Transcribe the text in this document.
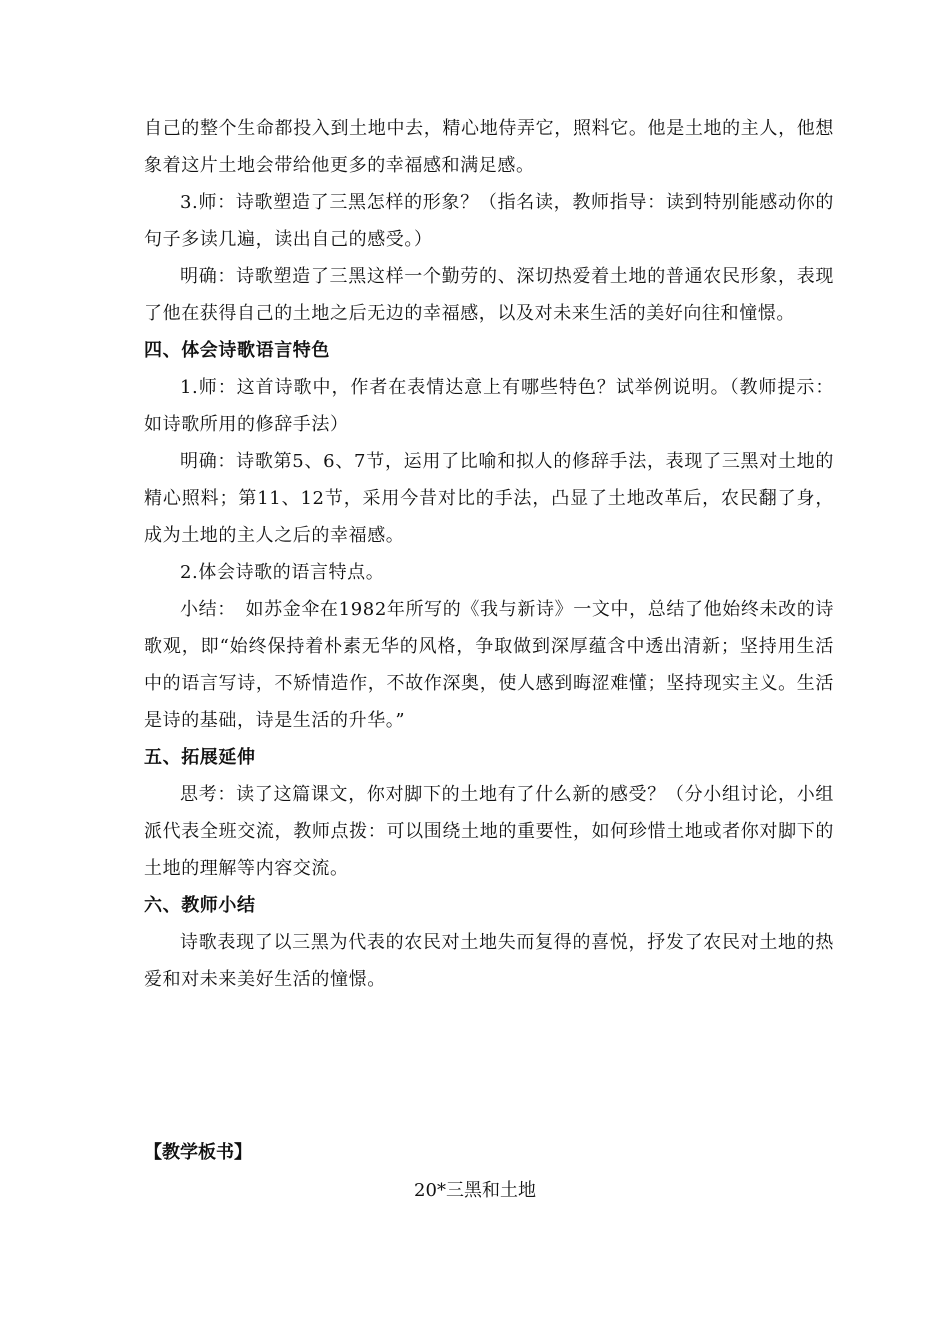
自己的整个生命都投入到土地中去，精心地侍弄它，照料它。他是土地的主人，他想象着这片土地会带给他更多的幸福感和满足感。

3.师：诗歌塑造了三黑怎样的形象？（指名读，教师指导：读到特别能感动你的句子多读几遍，读出自己的感受。）

明确：诗歌塑造了三黑这样一个勤劳的、深切热爱着土地的普通农民形象，表现了他在获得自己的土地之后无边的幸福感，以及对未来生活的美好向往和憧憬。

四、体会诗歌语言特色

1.师：这首诗歌中，作者在表情达意上有哪些特色？试举例说明。（教师提示：如诗歌所用的修辞手法）

明确：诗歌第5、6、7节，运用了比喻和拟人的修辞手法，表现了三黑对土地的精心照料；第11、12节，采用今昔对比的手法，凸显了土地改革后，农民翻了身，成为土地的主人之后的幸福感。

2.体会诗歌的语言特点。

小结：　如苏金伞在1982年所写的《我与新诗》一文中，总结了他始终未改的诗歌观，即“始终保持着朴素无华的风格，争取做到深厚蕴含中透出清新；坚持用生活中的语言写诗，不矫情造作，不故作深奥，使人感到晦涩难懂；坚持现实主义。生活是诗的基础，诗是生活的升华。”

五、拓展延伸

思考：读了这篇课文，你对脚下的土地有了什么新的感受？（分小组讨论，小组派代表全班交流，教师点拨：可以围绕土地的重要性，如何珍惜土地或者你对脚下的土地的理解等内容交流。

六、教师小结

诗歌表现了以三黑为代表的农民对土地失而复得的喜悦，抒发了农民对土地的热爱和对未来美好生活的憧憬。

【教学板书】
20*三黑和土地
